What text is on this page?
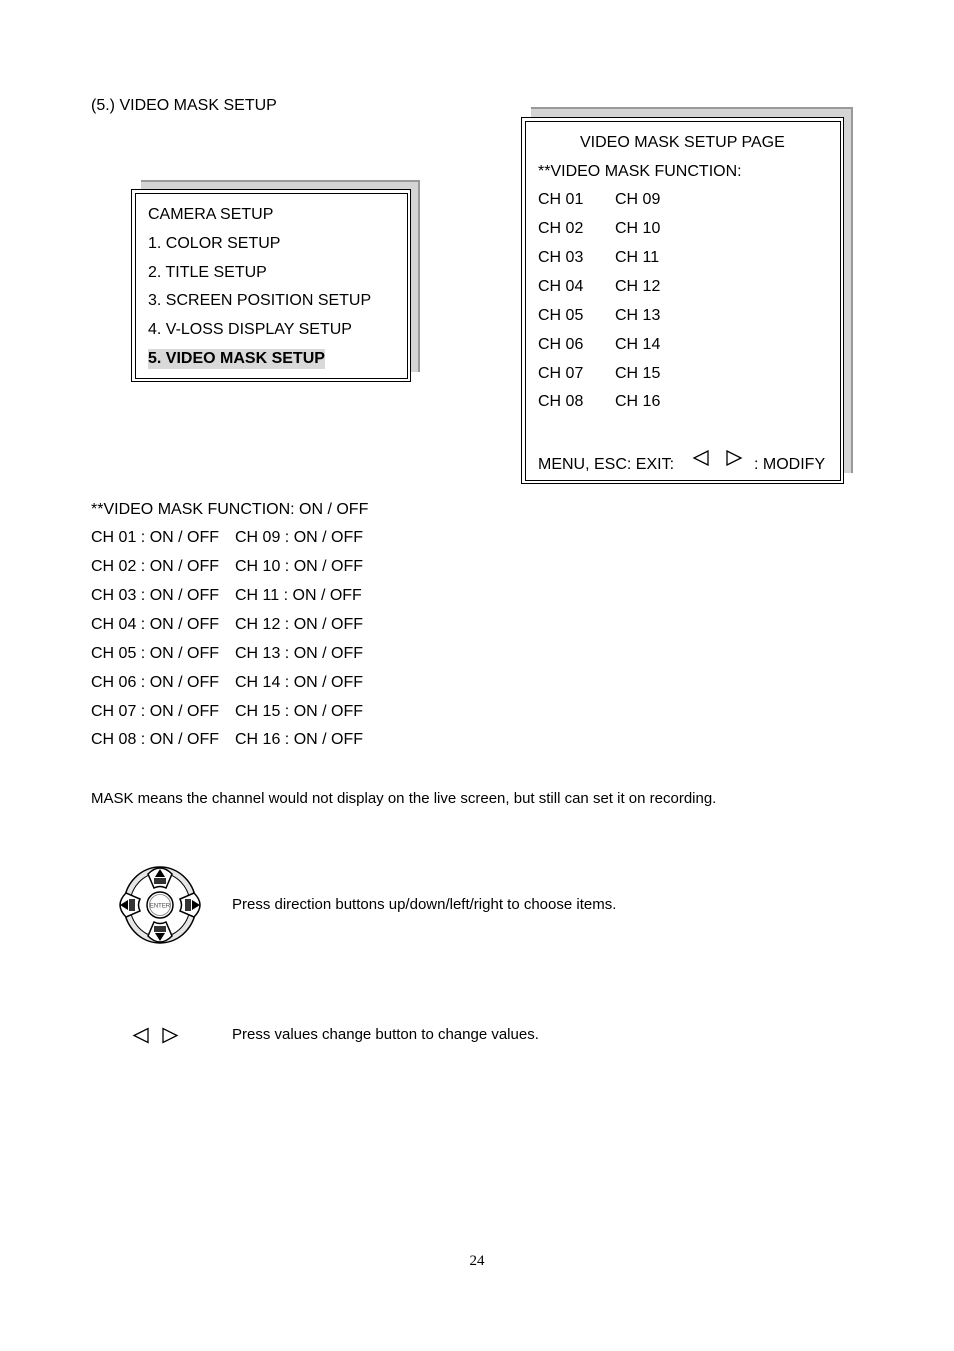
(5.) VIDEO MASK SETUP
CAMERA SETUP
1. COLOR SETUP
2. TITLE SETUP
3. SCREEN POSITION SETUP
4. V-LOSS DISPLAY SETUP
5. VIDEO MASK SETUP
VIDEO MASK SETUP PAGE
**VIDEO MASK FUNCTION:
CH 01
CH 02
CH 03
CH 04
CH 05
CH 06
CH 07
CH 08
CH 09
CH 10
CH 11
CH 12
CH 13
CH 14
CH 15
CH 16
MENU, ESC: EXIT:	: MODIFY
**VIDEO MASK FUNCTION: ON / OFF
CH 01 : ON / OFF
CH 02 : ON / OFF
CH 03 : ON / OFF
CH 04 : ON / OFF
CH 05 : ON / OFF
CH 06 : ON / OFF
CH 07 : ON / OFF
CH 08 : ON / OFF
CH 09 : ON / OFF
CH 10 : ON / OFF
CH 11 : ON / OFF
CH 12 : ON / OFF
CH 13 : ON / OFF
CH 14 : ON / OFF
CH 15 : ON / OFF
CH 16 : ON / OFF
MASK means the channel would not display on the live screen, but still can set it on recording.
ENTER	Press direction buttons up/down/left/right to choose items.
Press values change button to change values.
24
